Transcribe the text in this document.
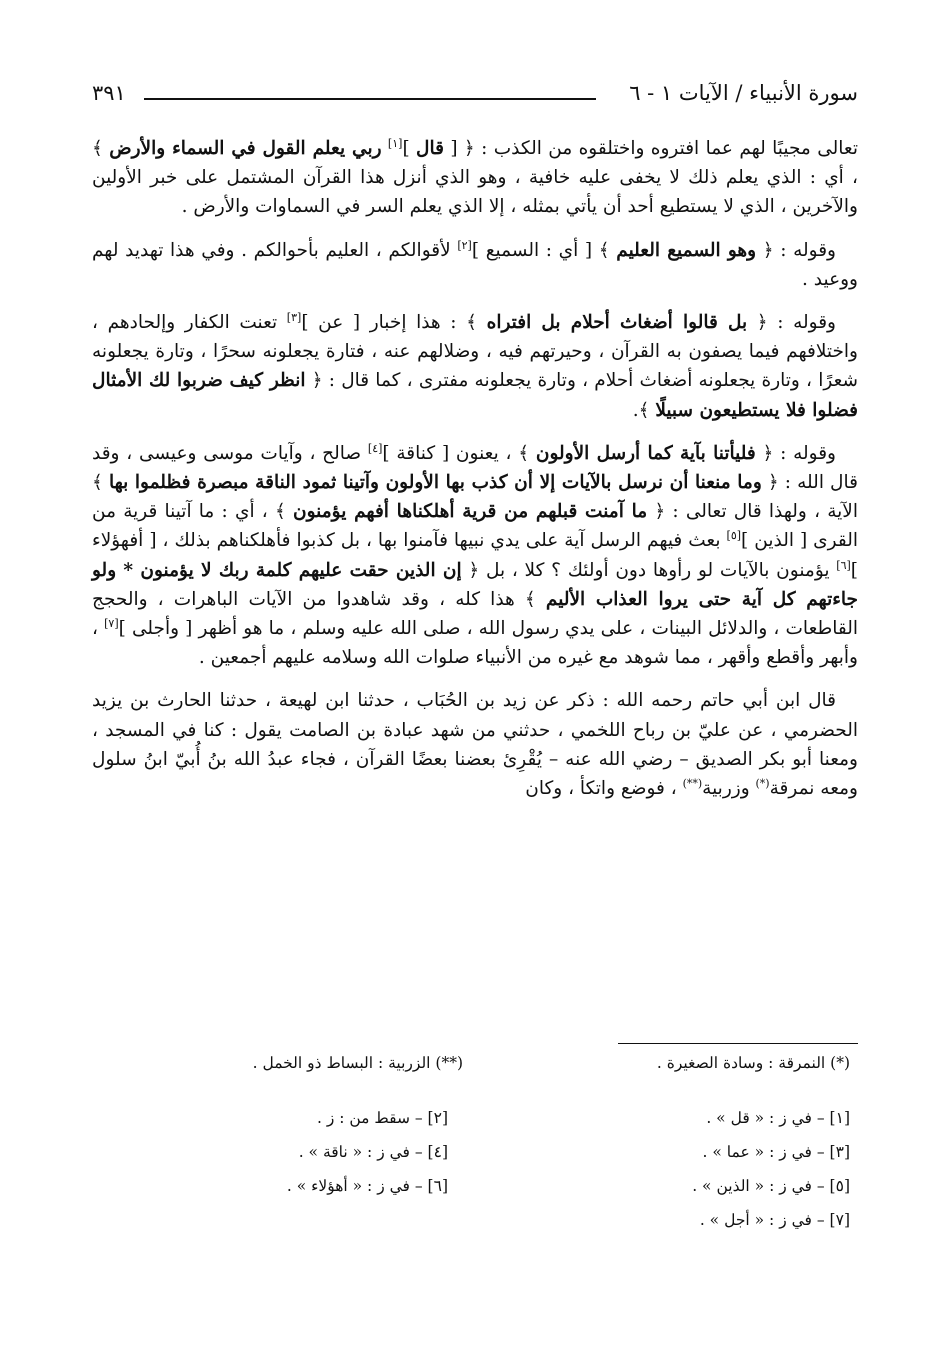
سورة الأنبياء / الآيات ١ - ٦
٣٩١

تعالى مجيبًا لهم عما افتروه واختلقوه من الكذب : ﴿ [ قال ][١] ربي يعلم القول في السماء والأرض ﴾ ، أي : الذي يعلم ذلك لا يخفى عليه خافية ، وهو الذي أنزل هذا القرآن المشتمل على خبر الأولين والآخرين ، الذي لا يستطيع أحد أن يأتي بمثله ، إلا الذي يعلم السر في السماوات والأرض .

وقوله : ﴿ وهو السميع العليم ﴾ [ أي : السميع ][٢] لأقوالكم ، العليم بأحوالكم . وفي هذا تهديد لهم ووعيد .

وقوله : ﴿ بل قالوا أضغاث أحلام بل افتراه ﴾ : هذا إخبار [ عن ][٣] تعنت الكفار وإلحادهم ، واختلافهم فيما يصفون به القرآن ، وحيرتهم فيه ، وضلالهم عنه ، فتارة يجعلونه سحرًا ، وتارة يجعلونه شعرًا ، وتارة يجعلونه أضغاث أحلام ، وتارة يجعلونه مفترى ، كما قال : ﴿ انظر كيف ضربوا لك الأمثال فضلوا فلا يستطيعون سبيلًا ﴾.

وقوله : ﴿ فليأتنا بآية كما أرسل الأولون ﴾ ، يعنون [ كناقة ][٤] صالح ، وآيات موسى وعيسى ، وقد قال الله : ﴿ وما منعنا أن نرسل بالآيات إلا أن كذب بها الأولون وآتينا ثمود الناقة مبصرة فظلموا بها ﴾ الآية ، ولهذا قال تعالى : ﴿ ما آمنت قبلهم من قرية أهلكناها أفهم يؤمنون ﴾ ، أي : ما آتينا قرية من القرى [ الذين ][٥] بعث فيهم الرسل آية على يدي نبيها فآمنوا بها ، بل كذبوا فأهلكناهم بذلك ، [ أفهؤلاء ][٦] يؤمنون بالآيات لو رأوها دون أولئك ؟ كلا ، بل ﴿ إن الذين حقت عليهم كلمة ربك لا يؤمنون * ولو جاءتهم كل آية حتى يروا العذاب الأليم ﴾ هذا كله ، وقد شاهدوا من الآيات الباهرات ، والحجج القاطعات ، والدلائل البينات ، على يدي رسول الله ، صلى الله عليه وسلم ، ما هو أظهر [ وأجلى ][٧] ، وأبهر وأقطع وأقهر ، مما شوهد مع غيره من الأنبياء صلوات الله وسلامه عليهم أجمعين .

قال ابن أبي حاتم رحمه الله : ذكر عن زيد بن الحُبَاب ، حدثنا ابن لهيعة ، حدثنا الحارث بن يزيد الحضرمي ، عن عليّ بن رباح اللخمي ، حدثني من شهد عبادة بن الصامت يقول : كنا في المسجد ، ومعنا أبو بكر الصديق – رضي الله عنه – يُقْرِئ بعضنا بعضًا القرآن ، فجاء عبدُ الله بنُ أُبيّ ابنُ سلول ومعه نمرقة(*) وزربية(**) ، فوضع واتكأ ، وكان

(*) النمرقة : وسادة الصغيرة .
(**) الزربية : البساط ذو الخمل .
[١] – في ز : « قل » .
[٢] – سقط من : ز .
[٣] – في ز : « عما » .
[٤] – في ز : « ناقة » .
[٥] – في ز : « الذين » .
[٦] – في ز : « أهؤلاء » .
[٧] – في ز : « أجل » .
